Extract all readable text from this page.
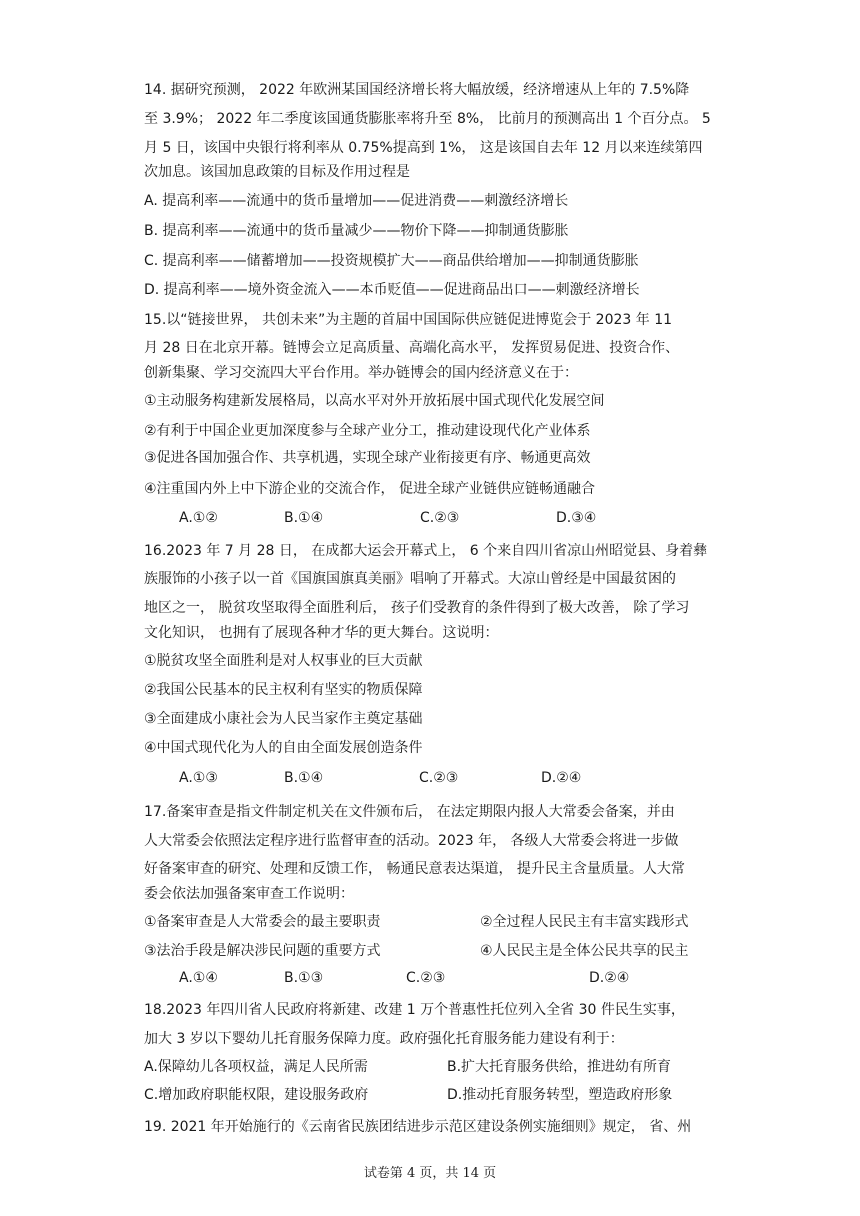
14. 据研究预测， 2022 年欧洲某国国经济增长将大幅放缓，经济增速从上年的 7.5%降
至 3.9%； 2022 年二季度该国通货膨胀率将升至 8%， 比前月的预测高出 1 个百分点。 5
月 5 日，该国中央银行将利率从 0.75%提高到 1%， 这是该国自去年 12 月以来连续第四
次加息。该国加息政策的目标及作用过程是
A. 提高利率——流通中的货币量增加——促进消费——刺激经济增长
B. 提高利率——流通中的货币量减少——物价下降——抑制通货膨胀
C. 提高利率——储蓄增加——投资规模扩大——商品供给增加——抑制通货膨胀
D. 提高利率——境外资金流入——本币贬值——促进商品出口——刺激经济增长
15.以“链接世界， 共创未来”为主题的首届中国国际供应链促进博览会于 2023 年 11
月 28 日在北京开幕。链博会立足高质量、高端化高水平， 发挥贸易促进、投资合作、
创新集聚、学习交流四大平台作用。举办链博会的国内经济意义在于：
①主动服务构建新发展格局，以高水平对外开放拓展中国式现代化发展空间
②有利于中国企业更加深度参与全球产业分工，推动建设现代化产业体系
③促进各国加强合作、共享机遇，实现全球产业衔接更有序、畅通更高效
④注重国内外上中下游企业的交流合作， 促进全球产业链供应链畅通融合
A.①②	B.①④	C.②③	D.③④
16.2023 年 7 月 28 日， 在成都大运会开幕式上， 6 个来自四川省凉山州昭觉县、身着彝
族服饰的小孩子以一首《国旗国旗真美丽》唱响了开幕式。大凉山曾经是中国最贫困的
地区之一， 脱贫攻坚取得全面胜利后， 孩子们受教育的条件得到了极大改善， 除了学习
文化知识， 也拥有了展现各种才华的更大舞台。这说明：
①脱贫攻坚全面胜利是对人权事业的巨大贡献
②我国公民基本的民主权利有坚实的物质保障
③全面建成小康社会为人民当家作主奠定基础
④中国式现代化为人的自由全面发展创造条件
A.①③	B.①④	C.②③	D.②④
17.备案审查是指文件制定机关在文件颁布后， 在法定期限内报人大常委会备案，并由
人大常委会依照法定程序进行监督审查的活动。2023 年， 各级人大常委会将进一步做
好备案审查的研究、处理和反馈工作， 畅通民意表达渠道， 提升民主含量质量。人大常
委会依法加强备案审查工作说明：
①备案审查是人大常委会的最主要职责	②全过程人民民主有丰富实践形式
③法治手段是解决涉民问题的重要方式	④人民民主是全体公民共享的民主
A.①④	B.①③	C.②③	D.②④
18.2023 年四川省人民政府将新建、改建 1 万个普惠性托位列入全省 30 件民生实事，
加大 3 岁以下婴幼儿托育服务保障力度。政府强化托育服务能力建设有利于：
A.保障幼儿各项权益，满足人民所需	B.扩大托育服务供给，推进幼有所育
C.增加政府职能权限，建设服务政府	D.推动托育服务转型，塑造政府形象
19. 2021 年开始施行的《云南省民族团结进步示范区建设条例实施细则》规定， 省、州
试卷第 4 页，共 14 页
